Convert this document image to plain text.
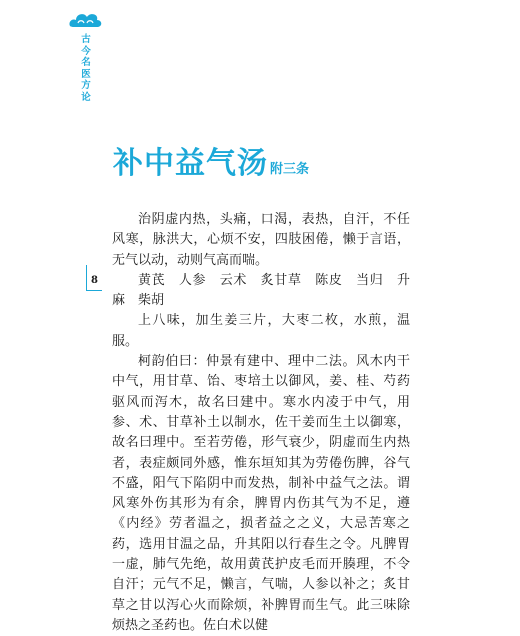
古今名医方论
8
补中益气汤 附三条

治阴虚内热，头痛，口渴，表热，自汗，不任风寒，脉洪大，心烦不安，四肢困倦，懒于言语，无气以动，动则气高而喘。

黄芪　人参　云术　炙甘草　陈皮　当归　升麻　柴胡

上八味，加生姜三片，大枣二枚，水煎，温服。

柯韵伯曰：仲景有建中、理中二法。风木内干中气，用甘草、饴、枣培土以御风，姜、桂、芍药驱风而泻木，故名曰建中。寒水内凌于中气，用参、术、甘草补土以制水，佐干姜而生土以御寒，故名曰理中。至若劳倦，形气衰少，阴虚而生内热者，表症颇同外感，惟东垣知其为劳倦伤脾，谷气不盛，阳气下陷阴中而发热，制补中益气之法。谓风寒外伤其形为有余，脾胃内伤其气为不足，遵《内经》劳者温之，损者益之之义，大忌苦寒之药，选用甘温之品，升其阳以行春生之令。凡脾胃一虚，肺气先绝，故用黄芪护皮毛而开腠理，不令自汗；元气不足，懒言，气喘，人参以补之；炙甘草之甘以泻心火而除烦，补脾胃而生气。此三味除烦热之圣药也。佐白术以健
